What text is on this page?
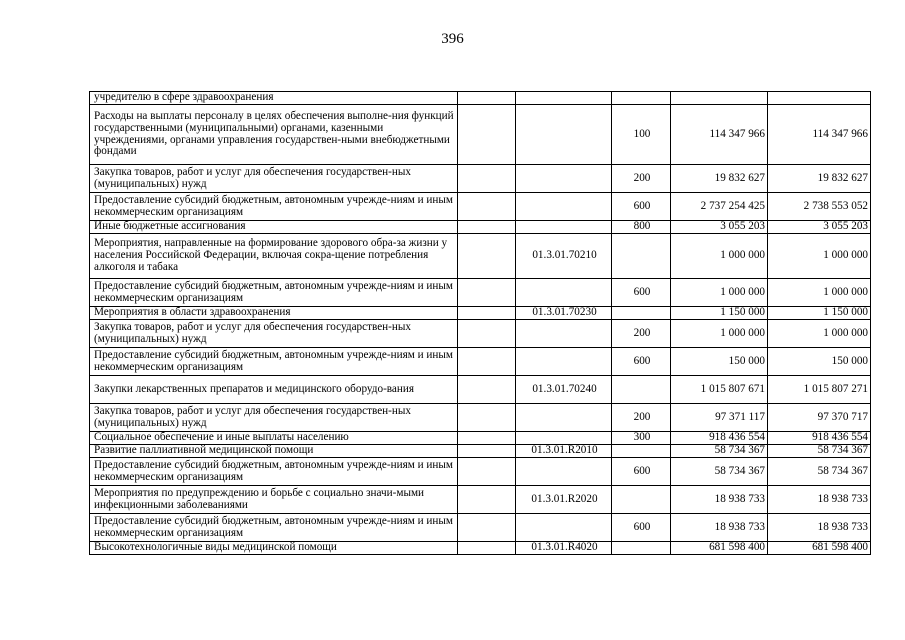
396
учредителю в сфере здравоохранения					
Расходы на выплаты персоналу в целях обеспечения выполне-ния функций государственными (муниципальными) органами, казенными учреждениями, органами управления государствен-ными внебюджетными фондами			100	114 347 966	114 347 966
Закупка товаров, работ и услуг для обеспечения государствен-ных (муниципальных) нужд			200	19 832 627	19 832 627
Предоставление субсидий бюджетным, автономным учрежде-ниям и иным некоммерческим организациям			600	2 737 254 425	2 738 553 052
Иные бюджетные ассигнования			800	3 055 203	3 055 203
Мероприятия, направленные на формирование здорового обра-за жизни у населения Российской Федерации, включая сокра-щение потребления алкоголя и табака		01.3.01.70210		1 000 000	1 000 000
Предоставление субсидий бюджетным, автономным учрежде-ниям и иным некоммерческим организациям			600	1 000 000	1 000 000
Мероприятия в области здравоохранения		01.3.01.70230		1 150 000	1 150 000
Закупка товаров, работ и услуг для обеспечения государствен-ных (муниципальных) нужд			200	1 000 000	1 000 000
Предоставление субсидий бюджетным, автономным учрежде-ниям и иным некоммерческим организациям			600	150 000	150 000
Закупки лекарственных препаратов и медицинского оборудо-вания		01.3.01.70240		1 015 807 671	1 015 807 271
Закупка товаров, работ и услуг для обеспечения государствен-ных (муниципальных) нужд			200	97 371 117	97 370 717
Социальное обеспечение и иные выплаты населению			300	918 436 554	918 436 554
Развитие паллиативной медицинской помощи		01.3.01.R2010		58 734 367	58 734 367
Предоставление субсидий бюджетным, автономным учрежде-ниям и иным некоммерческим организациям			600	58 734 367	58 734 367
Мероприятия по предупреждению и борьбе с социально значи-мыми инфекционными заболеваниями		01.3.01.R2020		18 938 733	18 938 733
Предоставление субсидий бюджетным, автономным учрежде-ниям и иным некоммерческим организациям			600	18 938 733	18 938 733
Высокотехнологичные виды медицинской помощи		01.3.01.R4020		681 598 400	681 598 400
